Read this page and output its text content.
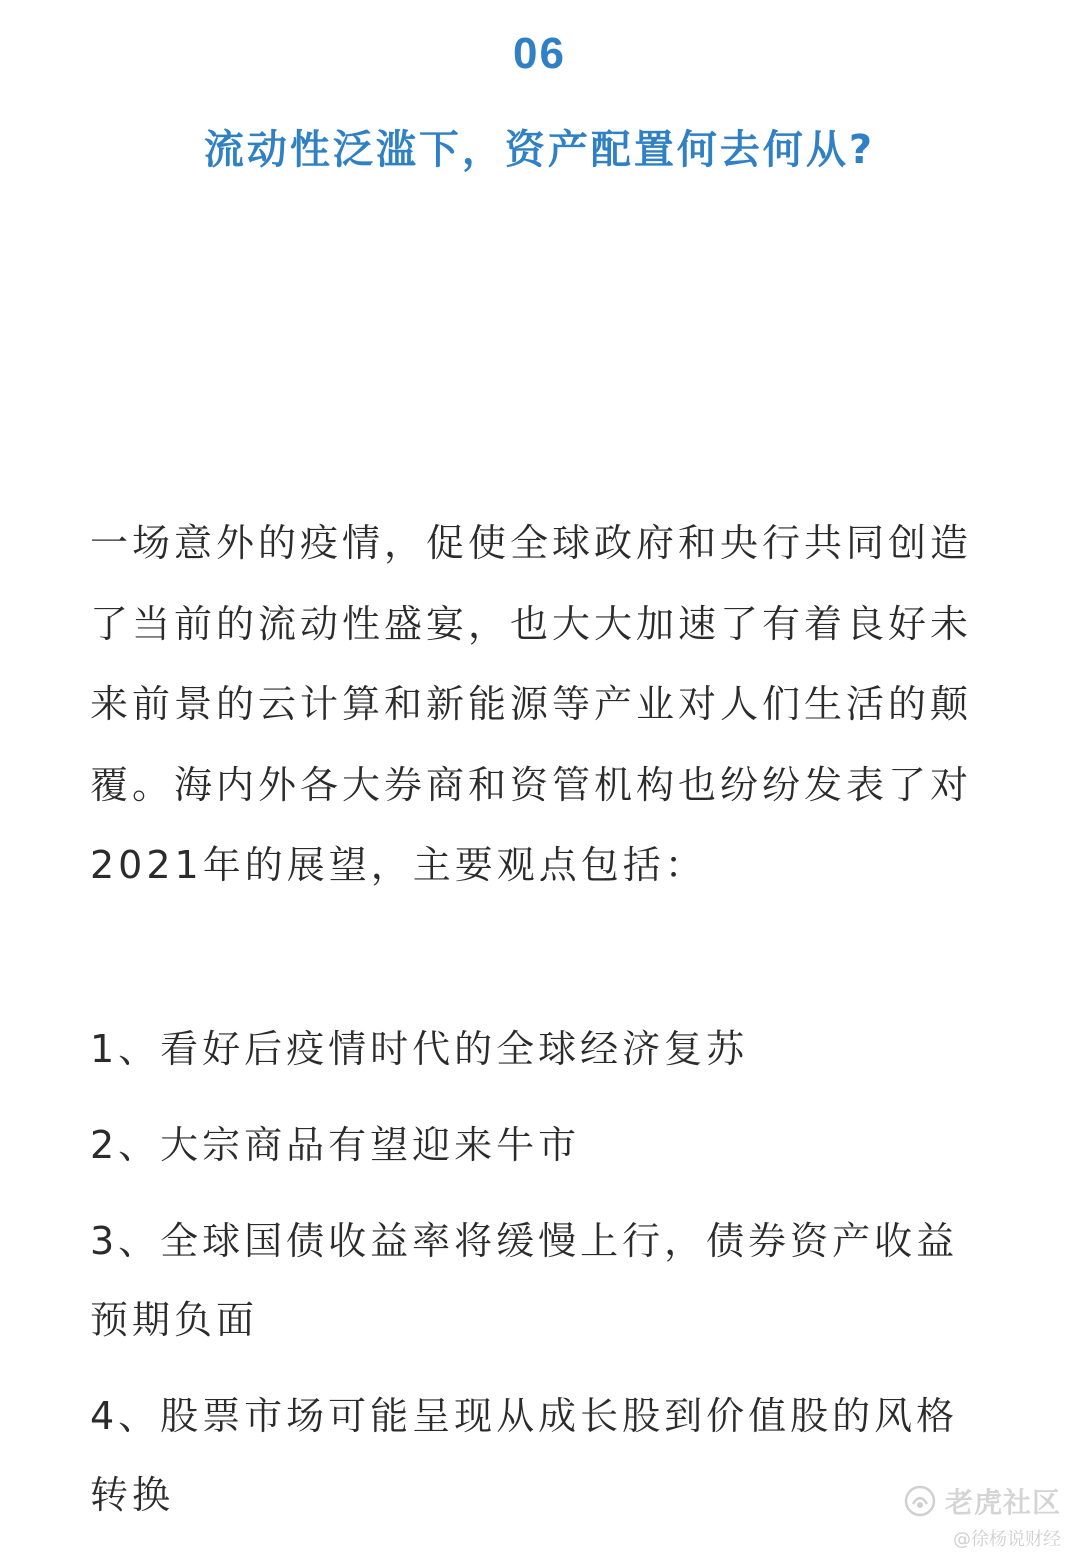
06
流动性泛滥下，资产配置何去何从?

一场意外的疫情，促使全球政府和央行共同创造了当前的流动性盛宴，也大大加速了有着良好未来前景的云计算和新能源等产业对人们生活的颠覆。海内外各大券商和资管机构也纷纷发表了对2021年的展望，主要观点包括：

1、看好后疫情时代的全球经济复苏
2、大宗商品有望迎来牛市
3、全球国债收益率将缓慢上行，债券资产收益预期负面
4、股票市场可能呈现从成长股到价值股的风格转换	老虎社区
@徐杨说财经
